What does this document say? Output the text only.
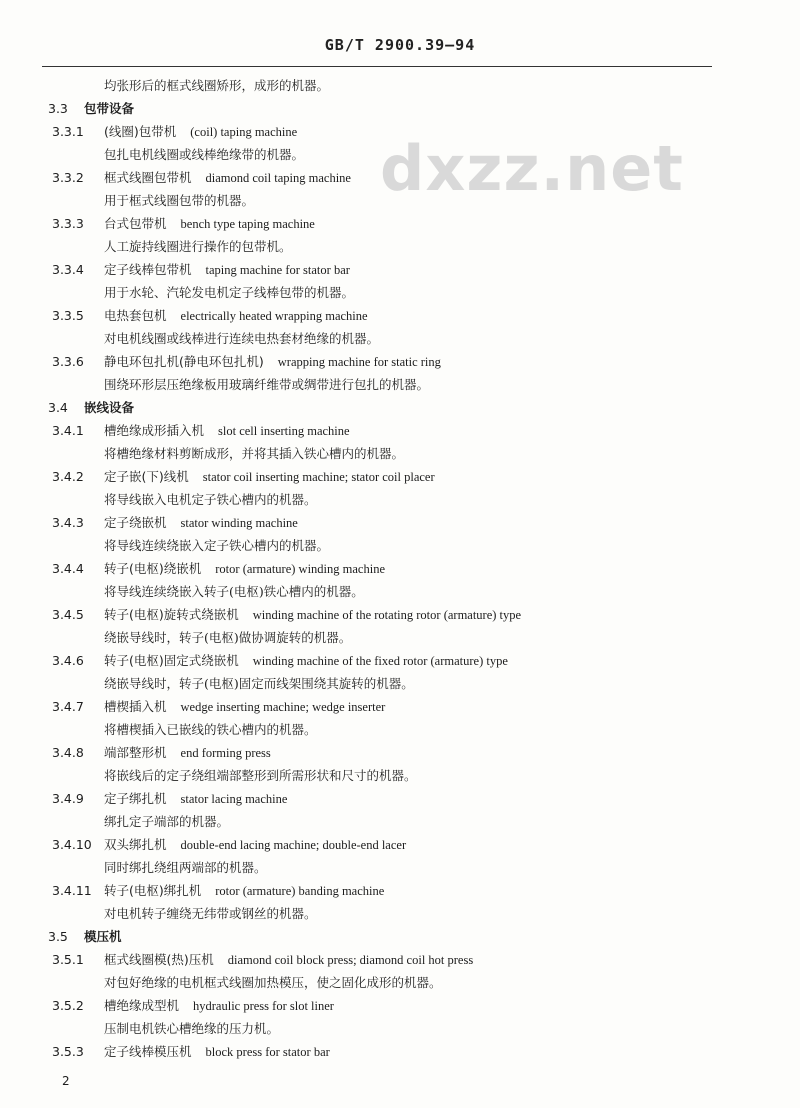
GB/T 2900.39—94
dxzz.net
均张形后的框式线圈矫形，成形的机器。
3.3 包带设备
3.3.1 (线圈)包带机 (coil) taping machine
包扎电机线圈或线棒绝缘带的机器。
3.3.2 框式线圈包带机 diamond coil taping machine
用于框式线圈包带的机器。
3.3.3 台式包带机 bench type taping machine
人工旋持线圈进行操作的包带机。
3.3.4 定子线棒包带机 taping machine for stator bar
用于水轮、汽轮发电机定子线棒包带的机器。
3.3.5 电热套包机 electrically heated wrapping machine
对电机线圈或线棒进行连续电热套材绝缘的机器。
3.3.6 静电环包扎机(静电环包扎机) wrapping machine for static ring
围绕环形层压绝缘板用玻璃纤维带或绸带进行包扎的机器。
3.4 嵌线设备
3.4.1 槽绝缘成形插入机 slot cell inserting machine
将槽绝缘材料剪断成形，并将其插入铁心槽内的机器。
3.4.2 定子嵌(下)线机 stator coil inserting machine; stator coil placer
将导线嵌入电机定子铁心槽内的机器。
3.4.3 定子绕嵌机 stator winding machine
将导线连续绕嵌入定子铁心槽内的机器。
3.4.4 转子(电枢)绕嵌机 rotor (armature) winding machine
将导线连续绕嵌入转子(电枢)铁心槽内的机器。
3.4.5 转子(电枢)旋转式绕嵌机 winding machine of the rotating rotor (armature) type
绕嵌导线时，转子(电枢)做协调旋转的机器。
3.4.6 转子(电枢)固定式绕嵌机 winding machine of the fixed rotor (armature) type
绕嵌导线时，转子(电枢)固定而线架围绕其旋转的机器。
3.4.7 槽楔插入机 wedge inserting machine; wedge inserter
将槽楔插入已嵌线的铁心槽内的机器。
3.4.8 端部整形机 end forming press
将嵌线后的定子绕组端部整形到所需形状和尺寸的机器。
3.4.9 定子绑扎机 stator lacing machine
绑扎定子端部的机器。
3.4.10 双头绑扎机 double-end lacing machine; double-end lacer
同时绑扎绕组两端部的机器。
3.4.11 转子(电枢)绑扎机 rotor (armature) banding machine
对电机转子缠绕无纬带或钢丝的机器。
3.5 模压机
3.5.1 框式线圈模(热)压机 diamond coil block press; diamond coil hot press
对包好绝缘的电机框式线圈加热模压，使之固化成形的机器。
3.5.2 槽绝缘成型机 hydraulic press for slot liner
压制电机铁心槽绝缘的压力机。
3.5.3 定子线棒模压机 block press for stator bar
2
